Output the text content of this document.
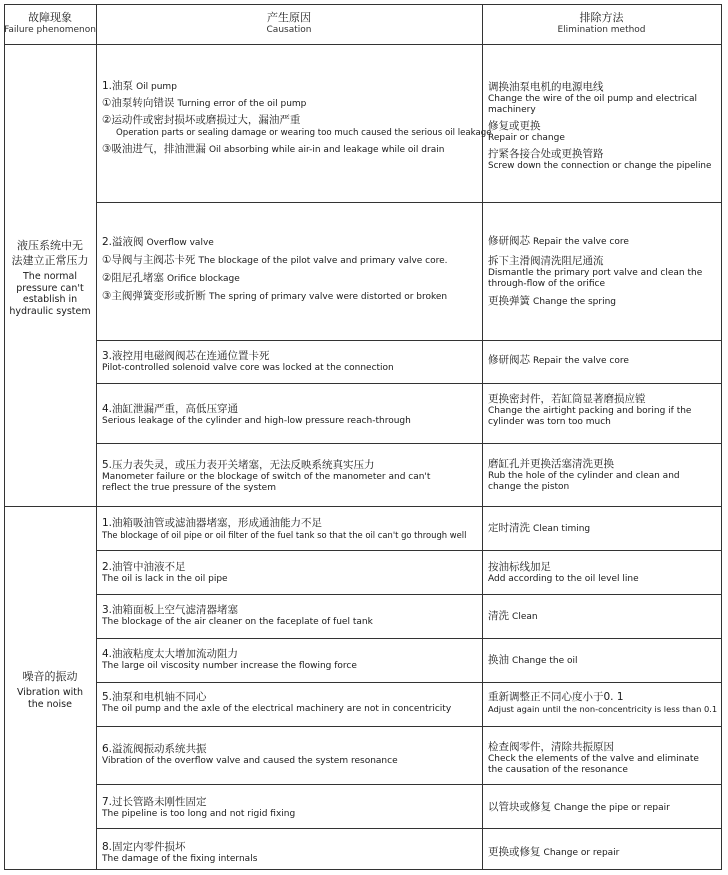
故障现象
Failure phenomenon
产生原因
Causation
排除方法
Elimination method
液压系统中无
法建立正常压力
The normal
pressure can't
establish in
hydraulic system
噪音的振动
Vibration with
the noise
1.油泵 Oil pump
①油泵转向错误 Turning error of the oil pump
②运动件或密封损坏或磨损过大，漏油严重
Operation parts or sealing damage or wearing too much caused the serious oil leakage
③吸油进气，排油泄漏 Oil absorbing while air-in and leakage while oil drain
调换油泵电机的电源电线
Change the wire of the oil pump and electrical machinery
修复或更换
Repair or change
拧紧各接合处或更换管路
Screw down the connection or change the pipeline
2.溢液阀 Overflow valve
①导阀与主阀芯卡死 The blockage of the pilot valve and primary valve core.
②阻尼孔堵塞 Orifice blockage
③主阀弹簧变形或折断 The spring of primary valve were distorted or broken
修研阀芯 Repair the valve core
拆下主滑阀清洗阻尼通流
Dismantle the primary port valve and clean the through-flow of the orifice
更换弹簧 Change the spring
3.液控用电磁阀阀芯在连通位置卡死
Pilot-controlled solenoid valve core was locked at the connection
修研阀芯 Repair the valve core
4.油缸泄漏严重，高低压穿通
Serious leakage of the cylinder and high-low pressure reach-through
更换密封件，若缸筒显著磨损应镗
Change the airtight packing and boring if the cylinder was torn too much
5.压力表失灵，或压力表开关堵塞，无法反映系统真实压力
Manometer failure or the blockage of switch of the manometer and can't reflect the true pressure of the system
磨缸孔并更换活塞清洗更换
Rub the hole of the cylinder and clean and change the piston
1.油箱吸油管或滤油器堵塞，形成通油能力不足
The blockage of oil pipe or oil filter of the fuel tank so that the oil can't go through well
定时清洗 Clean timing
2.油管中油液不足
The oil is lack in the oil pipe
按油标线加足
Add according to the oil level line
3.油箱面板上空气滤清器堵塞
The blockage of the air cleaner on the faceplate of fuel tank	清洗 Clean
4.油液粘度太大增加流动阻力
The large oil viscosity number increase the flowing force	换油 Change the oil
5.油泵和电机轴不同心
The oil pump and the axle of the electrical machinery are not in concentricity
重新调整正不同心度小于0. 1
Adjust again until the non-concentricity is less than 0.1
6.溢流阀振动系统共振
Vibration of the overflow valve and caused the system resonance
检查阀零件，清除共振原因
Check the elements of the valve and eliminate the causation of the resonance
7.过长管路未刚性固定
The pipeline is too long and not rigid fixing
以管块或修复 Change the pipe or repair
8.固定内零件损坏
The damage of the fixing internals
更换或修复 Change or repair
